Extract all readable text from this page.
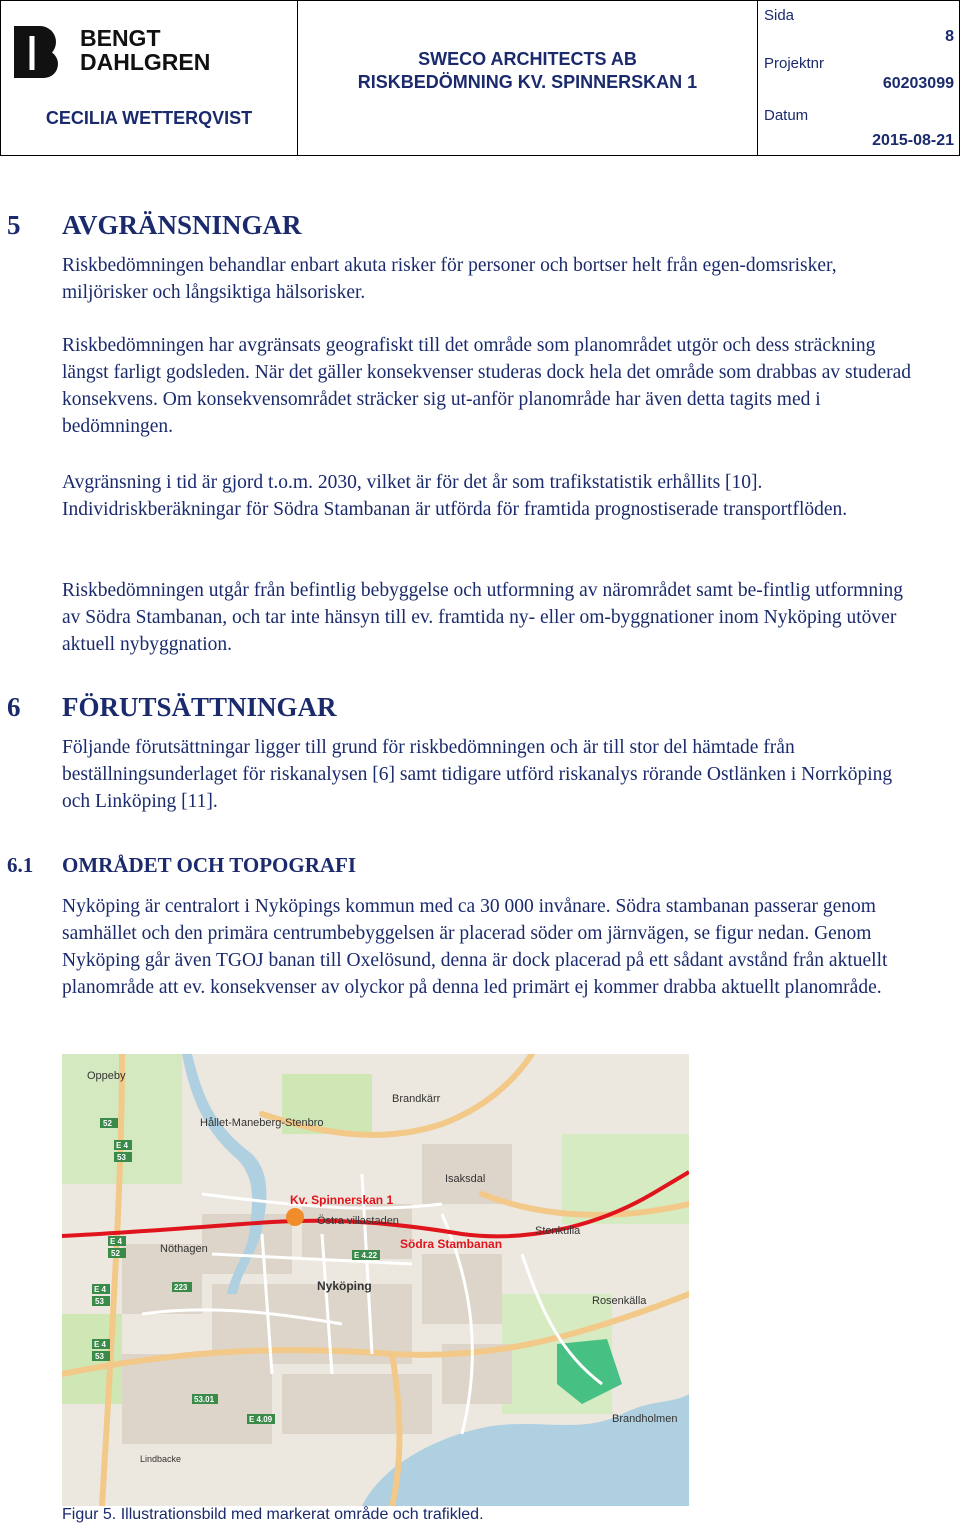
BENGT
DAHLGREN
CECILIA WETTERQVIST
SWECO ARCHITECTS AB
RISKBEDÖMNING KV. SPINNERSKAN 1
Sida
8
Projektnr
60203099
Datum
2015-08-21
5 AVGRÄNSNINGAR

Riskbedömningen behandlar enbart akuta risker för personer och bortser helt från egen-domsrisker, miljörisker och långsiktiga hälsorisker.

Riskbedömningen har avgränsats geografiskt till det område som planområdet utgör och dess sträckning längst farligt godsleden. När det gäller konsekvenser studeras dock hela det område som drabbas av studerad konsekvens. Om konsekvensområdet sträcker sig ut-anför planområde har även detta tagits med i bedömningen.

Avgränsning i tid är gjord t.o.m. 2030, vilket är för det år som trafikstatistik erhållits [10]. Individriskberäkningar för Södra Stambanan är utförda för framtida prognostiserade transportflöden.

Riskbedömningen utgår från befintlig bebyggelse och utformning av närområdet samt be-fintlig utformning av Södra Stambanan, och tar inte hänsyn till ev. framtida ny- eller om-byggnationer inom Nyköping utöver aktuell nybyggnation.

6 FÖRUTSÄTTNINGAR

Följande förutsättningar ligger till grund för riskbedömningen och är till stor del hämtade från beställningsunderlaget för riskanalysen [6] samt tidigare utförd riskanalys rörande Ostlänken i Norrköping och Linköping [11].

6.1 OMRÅDET OCH TOPOGRAFI

Nyköping är centralort i Nyköpings kommun med ca 30 000 invånare. Södra stambanan passerar genom samhället och den primära centrumbebyggelsen är placerad söder om järnvägen, se figur nedan. Genom Nyköping går även TGOJ banan till Oxelösund, denna är dock placerad på ett sådant avstånd från aktuellt planområde att ev. konsekvenser av olyckor på denna led primärt ej kommer drabba aktuellt planområde.

Kv. Spinnerskan 1
Södra Stambanan
Oppeby
Brandkärr
Hållet-Maneberg-Stenbro
Isaksdal
Östra villastaden
Nöthagen
Stenkulla
Nyköping
Rosenkälla
Brandholmen
Lindbacke
E 4
53
52
E 4
52
223
E 4
53
53.01
E 4
53
E 4.22
E 4.09
Figur 5. Illustrationsbild med markerat område och trafikled.
